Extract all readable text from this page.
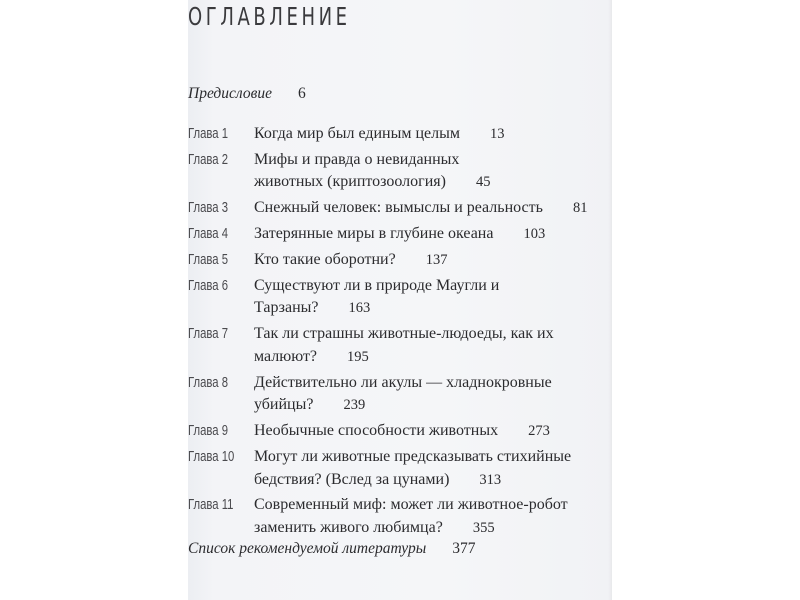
ОГЛАВЛЕНИЕ
Предисловие 6
Глава 1	Когда мир был единым целым 13
Глава 2	Мифы и правда о невиданных животных (криптозоология) 45
Глава 3	Снежный человек: вымыслы и реальность 81
Глава 4	Затерянные миры в глубине океана 103
Глава 5	Кто такие оборотни? 137
Глава 6	Существуют ли в природе Маугли и Тарзаны? 163
Глава 7	Так ли страшны животные-людоеды, как их малюют? 195
Глава 8	Действительно ли акулы — хладнокровные убийцы? 239
Глава 9	Необычные способности животных 273
Глава 10	Могут ли животные предсказывать стихийные бедствия? (Вслед за цунами) 313
Глава 11	Современный миф: может ли животное-робот заменить живого любимца? 355
Список рекомендуемой литературы 377
